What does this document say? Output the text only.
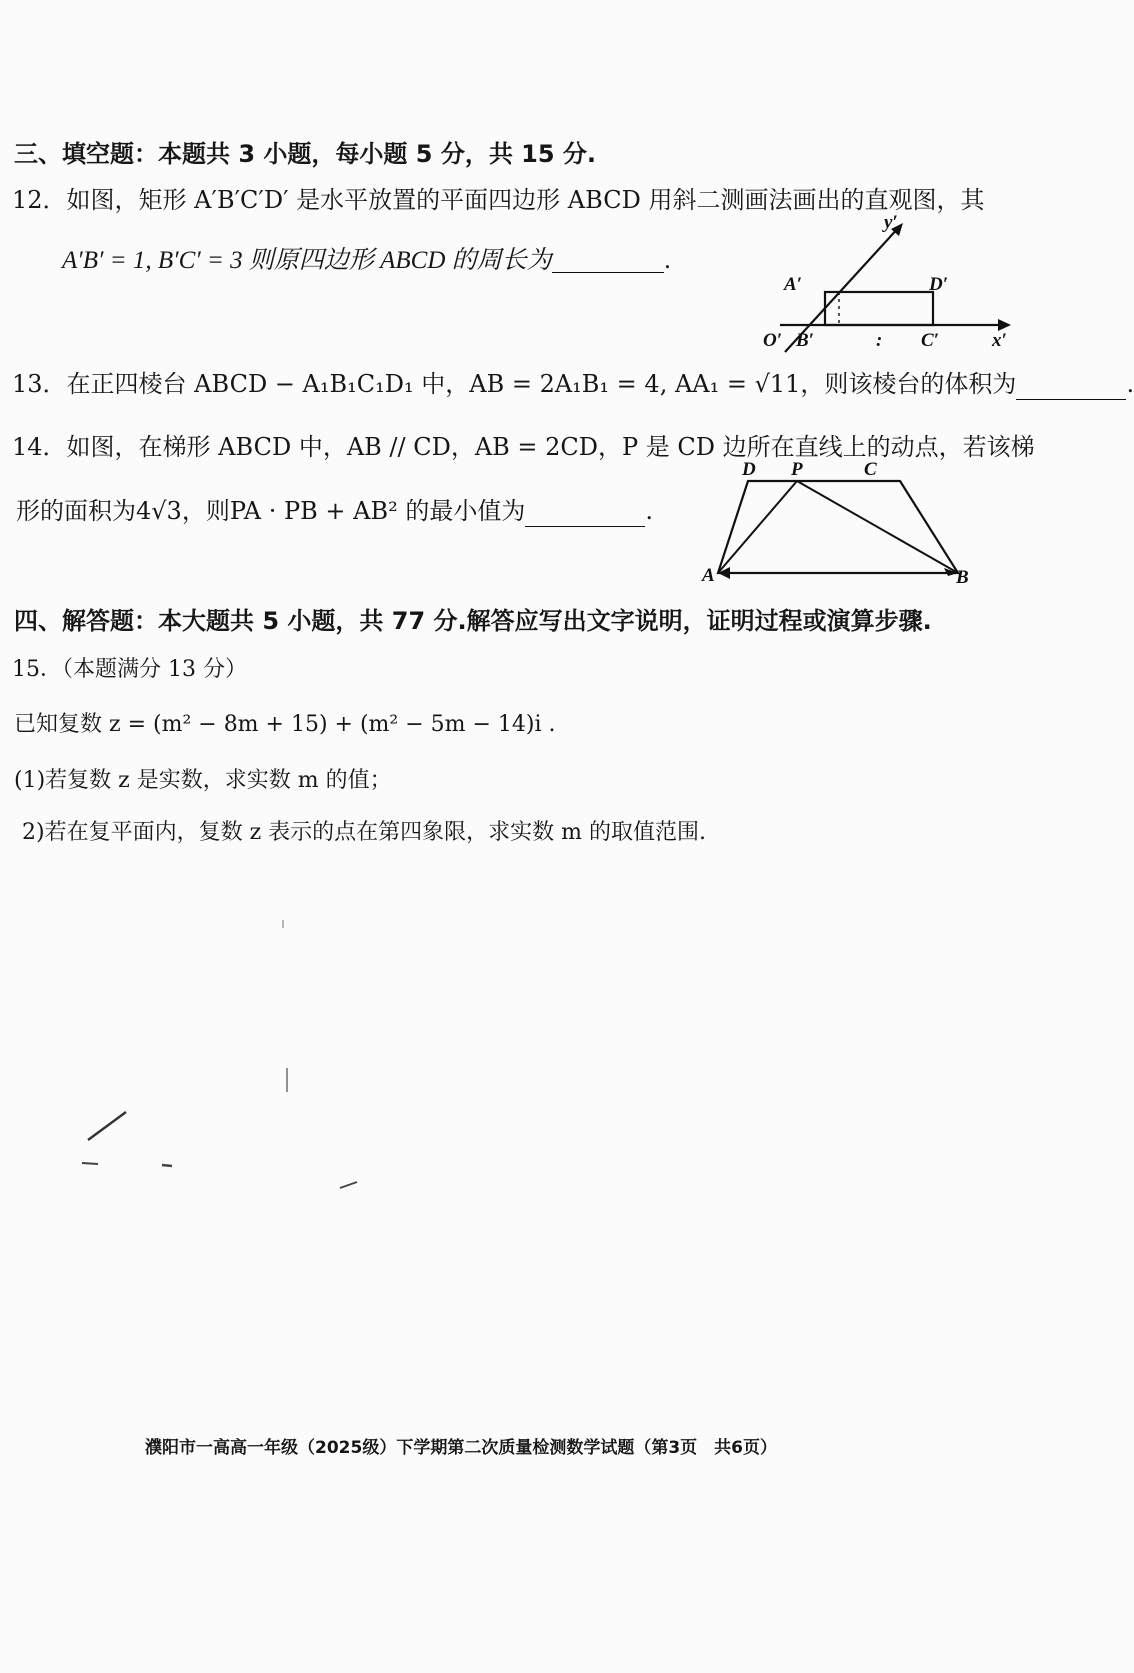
三、填空题：本题共 3 小题，每小题 5 分，共 15 分.
12．如图，矩形 A′B′C′D′ 是水平放置的平面四边形 ABCD 用斜二测画法画出的直观图，其
A′B′ = 1, B′C′ = 3 则原四边形 ABCD 的周长为	.
y′
x′
O′
A′
B′	: C′
D′
13．在正四棱台 ABCD − A₁B₁C₁D₁ 中，AB = 2A₁B₁ = 4, AA₁ = √11，则该棱台的体积为	.
14．如图，在梯形 ABCD 中，AB // CD，AB = 2CD，P 是 CD 边所在直线上的动点，若该梯
形的面积为4√3，则PA · PB + AB² 的最小值为	.
D P	C
A	B
四、解答题：本大题共 5 小题，共 77 分.解答应写出文字说明，证明过程或演算步骤.
15．（本题满分 13 分）
已知复数 z = (m² − 8m + 15) + (m² − 5m − 14)i .
(1)若复数 z 是实数，求实数 m 的值；
2)若在复平面内，复数 z 表示的点在第四象限，求实数 m 的取值范围.
濮阳市一高高一年级（2025级）下学期第二次质量检测数学试题（第3页　共6页）
